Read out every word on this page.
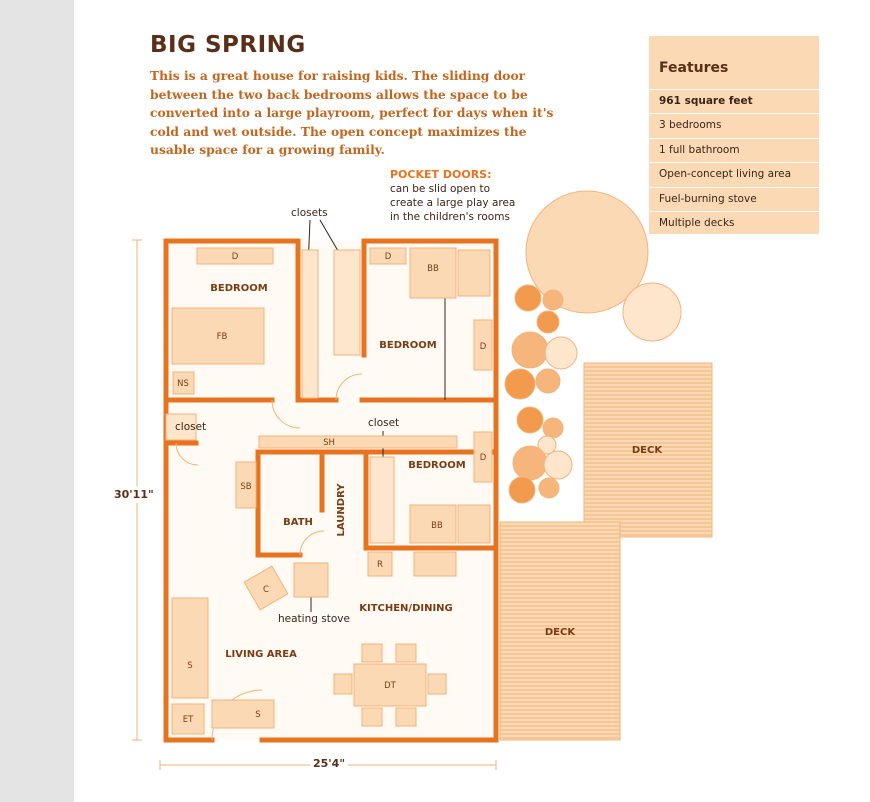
BIG SPRING

This is a great house for raising kids. The sliding door between the two back bedrooms allows the space to be converted into a large playroom, perfect for days when it's cold and wet outside. The open concept maximizes the usable space for a growing family.

Features
961 square feet
3 bedrooms
1 full bathroom
Open-concept living area
Fuel-burning stove
Multiple decks
BEDROOM
BEDROOM
BEDROOM
BATH LAUNDRY
KITCHEN/DINING
LIVING AREA
DECK
DECK
D
FB
NS
D
BB
D
SH
SB
D
BB
R
C
S
S
ET
DT
POCKET DOORS:
can be slid open to
create a large play area
in the children's rooms
closets
closet	closet
heating stove
30'11"
25'4"
